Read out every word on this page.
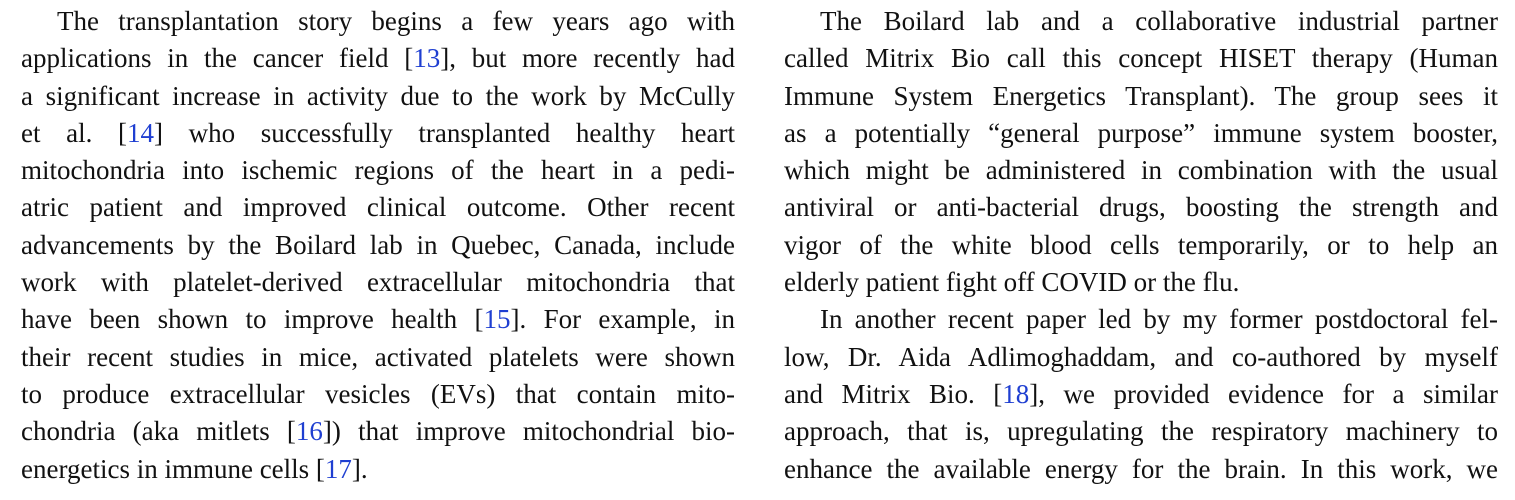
The transplantation story begins a few years ago with
applications in the cancer field [13], but more recently had
a significant increase in activity due to the work by McCully
et al. [14] who successfully transplanted healthy heart
mitochondria into ischemic regions of the heart in a pedi-
atric patient and improved clinical outcome. Other recent
advancements by the Boilard lab in Quebec, Canada, include
work with platelet-derived extracellular mitochondria that
have been shown to improve health [15]. For example, in
their recent studies in mice, activated platelets were shown
to produce extracellular vesicles (EVs) that contain mito-
chondria (aka mitlets [16]) that improve mitochondrial bio-
energetics in immune cells [17].
The Boilard lab and a collaborative industrial partner
called Mitrix Bio call this concept HISET therapy (Human
Immune System Energetics Transplant). The group sees it
as a potentially “general purpose” immune system booster,
which might be administered in combination with the usual
antiviral or anti-bacterial drugs, boosting the strength and
vigor of the white blood cells temporarily, or to help an
elderly patient fight off COVID or the flu.
In another recent paper led by my former postdoctoral fel-
low, Dr. Aida Adlimoghaddam, and co-authored by myself
and Mitrix Bio. [18], we provided evidence for a similar
approach, that is, upregulating the respiratory machinery to
enhance the available energy for the brain. In this work, we
